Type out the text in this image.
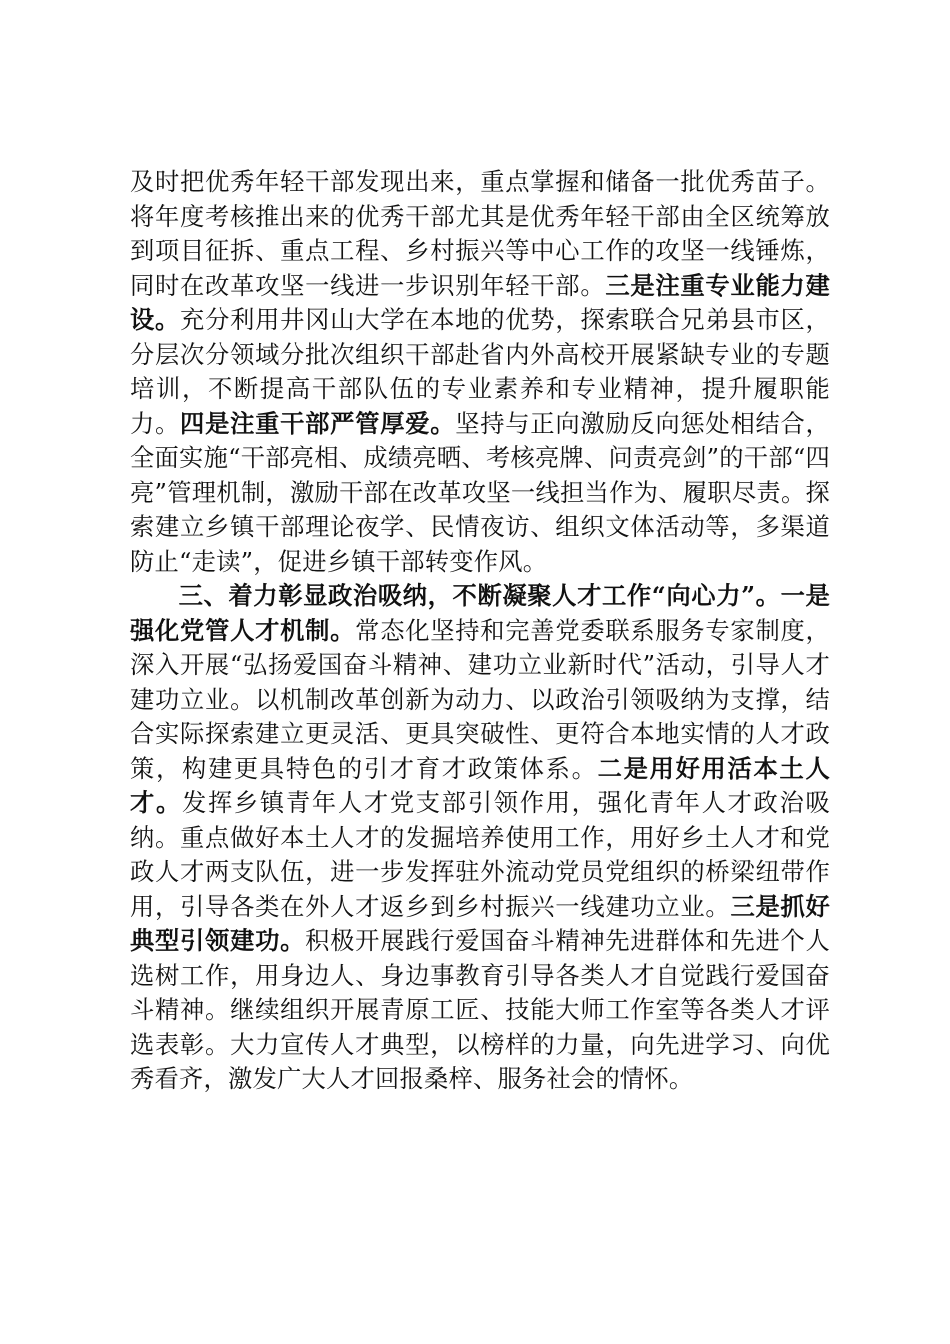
及时把优秀年轻干部发现出来，重点掌握和储备一批优秀苗子。将年度考核推出来的优秀干部尤其是优秀年轻干部由全区统筹放到项目征拆、重点工程、乡村振兴等中心工作的攻坚一线锤炼，同时在改革攻坚一线进一步识别年轻干部。三是注重专业能力建设。充分利用井冈山大学在本地的优势，探索联合兄弟县市区，分层次分领域分批次组织干部赴省内外高校开展紧缺专业的专题培训，不断提高干部队伍的专业素养和专业精神，提升履职能力。四是注重干部严管厚爱。坚持与正向激励反向惩处相结合，全面实施“干部亮相、成绩亮晒、考核亮牌、问责亮剑”的干部“四亮”管理机制，激励干部在改革攻坚一线担当作为、履职尽责。探索建立乡镇干部理论夜学、民情夜访、组织文体活动等，多渠道防止“走读”，促进乡镇干部转变作风。

三、着力彰显政治吸纳，不断凝聚人才工作“向心力”。一是强化党管人才机制。常态化坚持和完善党委联系服务专家制度，深入开展“弘扬爱国奋斗精神、建功立业新时代”活动，引导人才建功立业。以机制改革创新为动力、以政治引领吸纳为支撑，结合实际探索建立更灵活、更具突破性、更符合本地实情的人才政策，构建更具特色的引才育才政策体系。二是用好用活本土人才。发挥乡镇青年人才党支部引领作用，强化青年人才政治吸纳。重点做好本土人才的发掘培养使用工作，用好乡土人才和党政人才两支队伍，进一步发挥驻外流动党员党组织的桥梁纽带作用，引导各类在外人才返乡到乡村振兴一线建功立业。三是抓好典型引领建功。积极开展践行爱国奋斗精神先进群体和先进个人选树工作，用身边人、身边事教育引导各类人才自觉践行爱国奋斗精神。继续组织开展青原工匠、技能大师工作室等各类人才评选表彰。大力宣传人才典型，以榜样的力量，向先进学习、向优秀看齐，激发广大人才回报桑梓、服务社会的情怀。
